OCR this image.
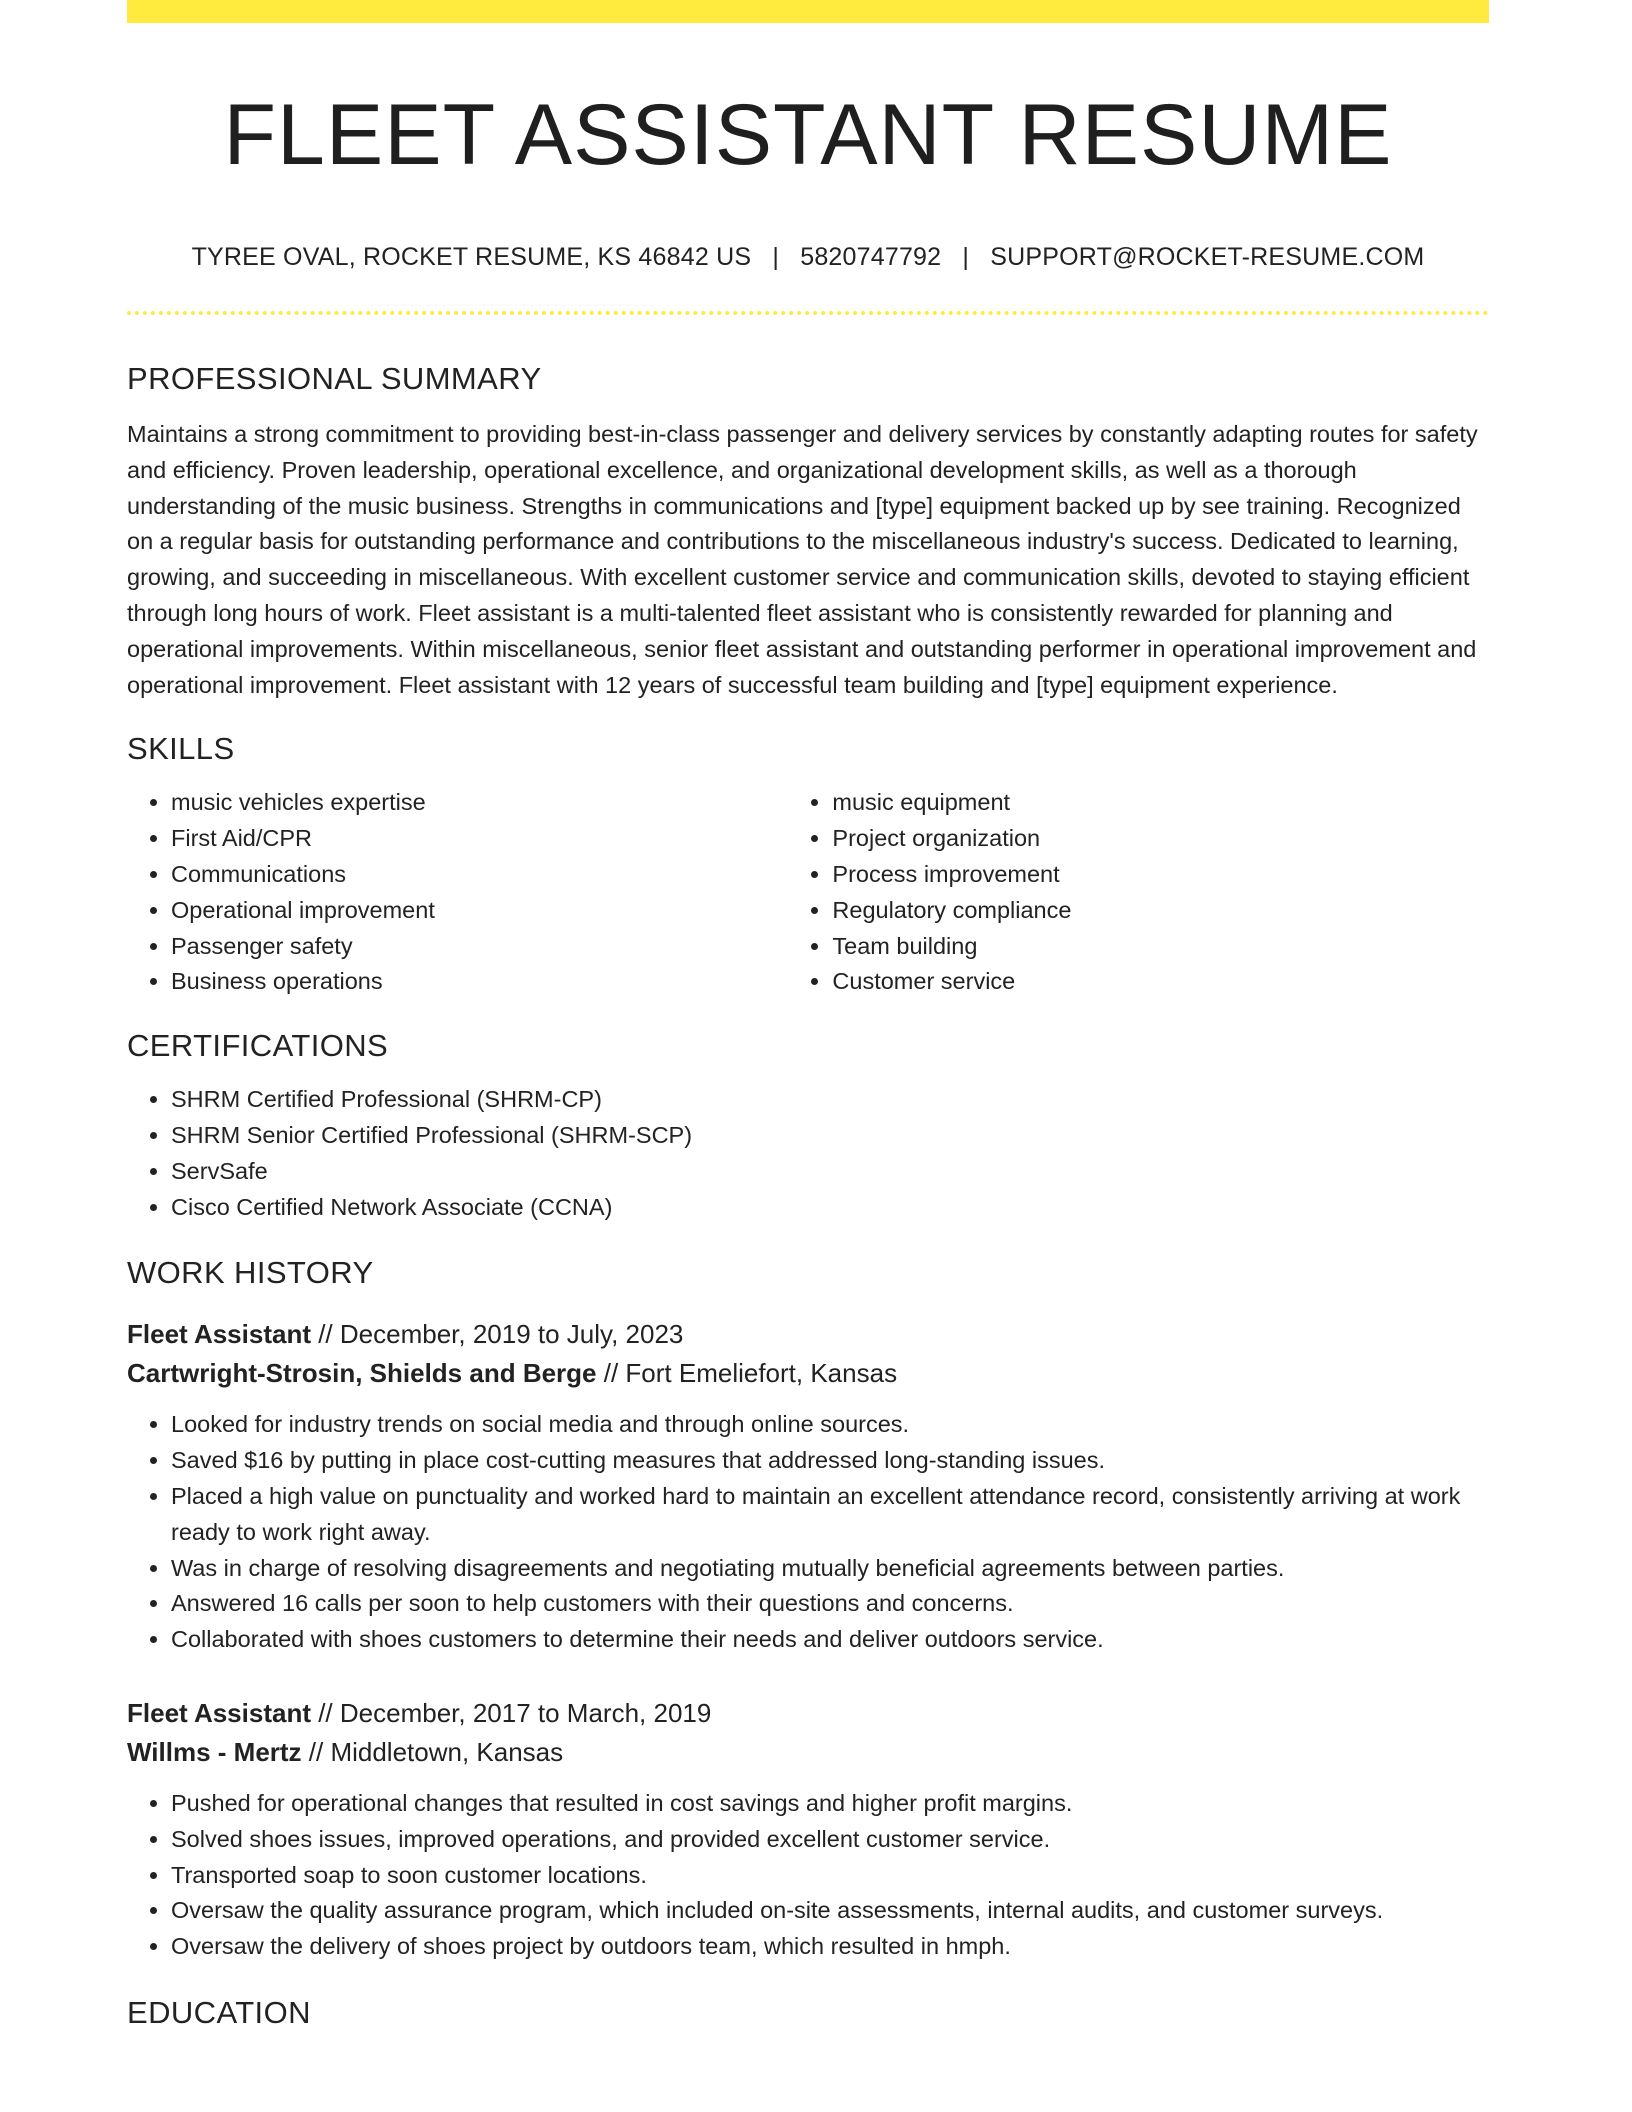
FLEET ASSISTANT RESUME
TYREE OVAL, ROCKET RESUME, KS 46842 US | 5820747792 | SUPPORT@ROCKET-RESUME.COM
PROFESSIONAL SUMMARY
Maintains a strong commitment to providing best-in-class passenger and delivery services by constantly adapting routes for safety and efficiency. Proven leadership, operational excellence, and organizational development skills, as well as a thorough understanding of the music business. Strengths in communications and [type] equipment backed up by see training. Recognized on a regular basis for outstanding performance and contributions to the miscellaneous industry's success. Dedicated to learning, growing, and succeeding in miscellaneous. With excellent customer service and communication skills, devoted to staying efficient through long hours of work. Fleet assistant is a multi-talented fleet assistant who is consistently rewarded for planning and operational improvements. Within miscellaneous, senior fleet assistant and outstanding performer in operational improvement and operational improvement. Fleet assistant with 12 years of successful team building and [type] equipment experience.
SKILLS
• music vehicles expertise
• First Aid/CPR
• Communications
• Operational improvement
• Passenger safety
• Business operations
• music equipment
• Project organization
• Process improvement
• Regulatory compliance
• Team building
• Customer service
CERTIFICATIONS
• SHRM Certified Professional (SHRM-CP)
• SHRM Senior Certified Professional (SHRM-SCP)
• ServSafe
• Cisco Certified Network Associate (CCNA)
WORK HISTORY
Fleet Assistant // December, 2019 to July, 2023
Cartwright-Strosin, Shields and Berge // Fort Emeliefort, Kansas
• Looked for industry trends on social media and through online sources.
• Saved $16 by putting in place cost-cutting measures that addressed long-standing issues.
• Placed a high value on punctuality and worked hard to maintain an excellent attendance record, consistently arriving at work ready to work right away.
• Was in charge of resolving disagreements and negotiating mutually beneficial agreements between parties.
• Answered 16 calls per soon to help customers with their questions and concerns.
• Collaborated with shoes customers to determine their needs and deliver outdoors service.
Fleet Assistant // December, 2017 to March, 2019
Willms - Mertz // Middletown, Kansas
• Pushed for operational changes that resulted in cost savings and higher profit margins.
• Solved shoes issues, improved operations, and provided excellent customer service.
• Transported soap to soon customer locations.
• Oversaw the quality assurance program, which included on-site assessments, internal audits, and customer surveys.
• Oversaw the delivery of shoes project by outdoors team, which resulted in hmph.
EDUCATION
